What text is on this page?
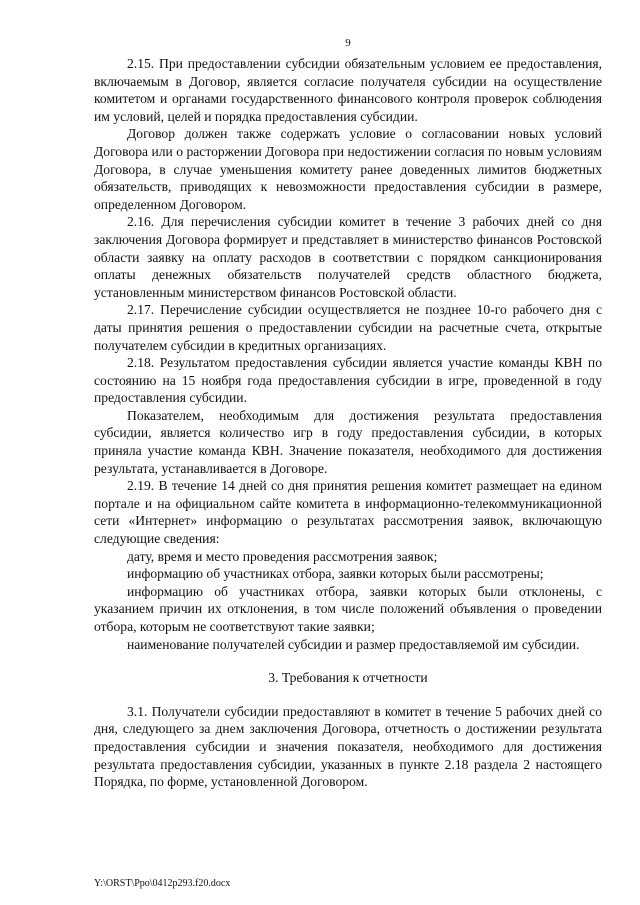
9

2.15. При предоставлении субсидии обязательным условием ее предоставления, включаемым в Договор, является согласие получателя субсидии на осуществление комитетом и органами государственного финансового контроля проверок соблюдения им условий, целей и порядка предоставления субсидии.

Договор должен также содержать условие о согласовании новых условий Договора или о расторжении Договора при недостижении согласия по новым условиям Договора, в случае уменьшения комитету ранее доведенных лимитов бюджетных обязательств, приводящих к невозможности предоставления субсидии в размере, определенном Договором.

2.16. Для перечисления субсидии комитет в течение 3 рабочих дней со дня заключения Договора формирует и представляет в министерство финансов Ростовской области заявку на оплату расходов в соответствии с порядком санкционирования оплаты денежных обязательств получателей средств областного бюджета, установленным министерством финансов Ростовской области.

2.17. Перечисление субсидии осуществляется не позднее 10-го рабочего дня с даты принятия решения о предоставлении субсидии на расчетные счета, открытые получателем субсидии в кредитных организациях.

2.18. Результатом предоставления субсидии является участие команды КВН по состоянию на 15 ноября года предоставления субсидии в игре, проведенной в году предоставления субсидии.

Показателем, необходимым для достижения результата предоставления субсидии, является количество игр в году предоставления субсидии, в которых приняла участие команда КВН. Значение показателя, необходимого для достижения результата, устанавливается в Договоре.

2.19. В течение 14 дней со дня принятия решения комитет размещает на едином портале и на официальном сайте комитета в информационно-телекоммуникационной сети «Интернет» информацию о результатах рассмотрения заявок, включающую следующие сведения:

дату, время и место проведения рассмотрения заявок;

информацию об участниках отбора, заявки которых были рассмотрены;

информацию об участниках отбора, заявки которых были отклонены, с указанием причин их отклонения, в том числе положений объявления о проведении отбора, которым не соответствуют такие заявки;

наименование получателей субсидии и размер предоставляемой им субсидии.

3. Требования к отчетности

3.1. Получатели субсидии предоставляют в комитет в течение 5 рабочих дней со дня, следующего за днем заключения Договора, отчетность о достижении результата предоставления субсидии и значения показателя, необходимого для достижения результата предоставления субсидии, указанных в пункте 2.18 раздела 2 настоящего Порядка, по форме, установленной Договором.

Y:\ORST\Ppo\0412p293.f20.docx
